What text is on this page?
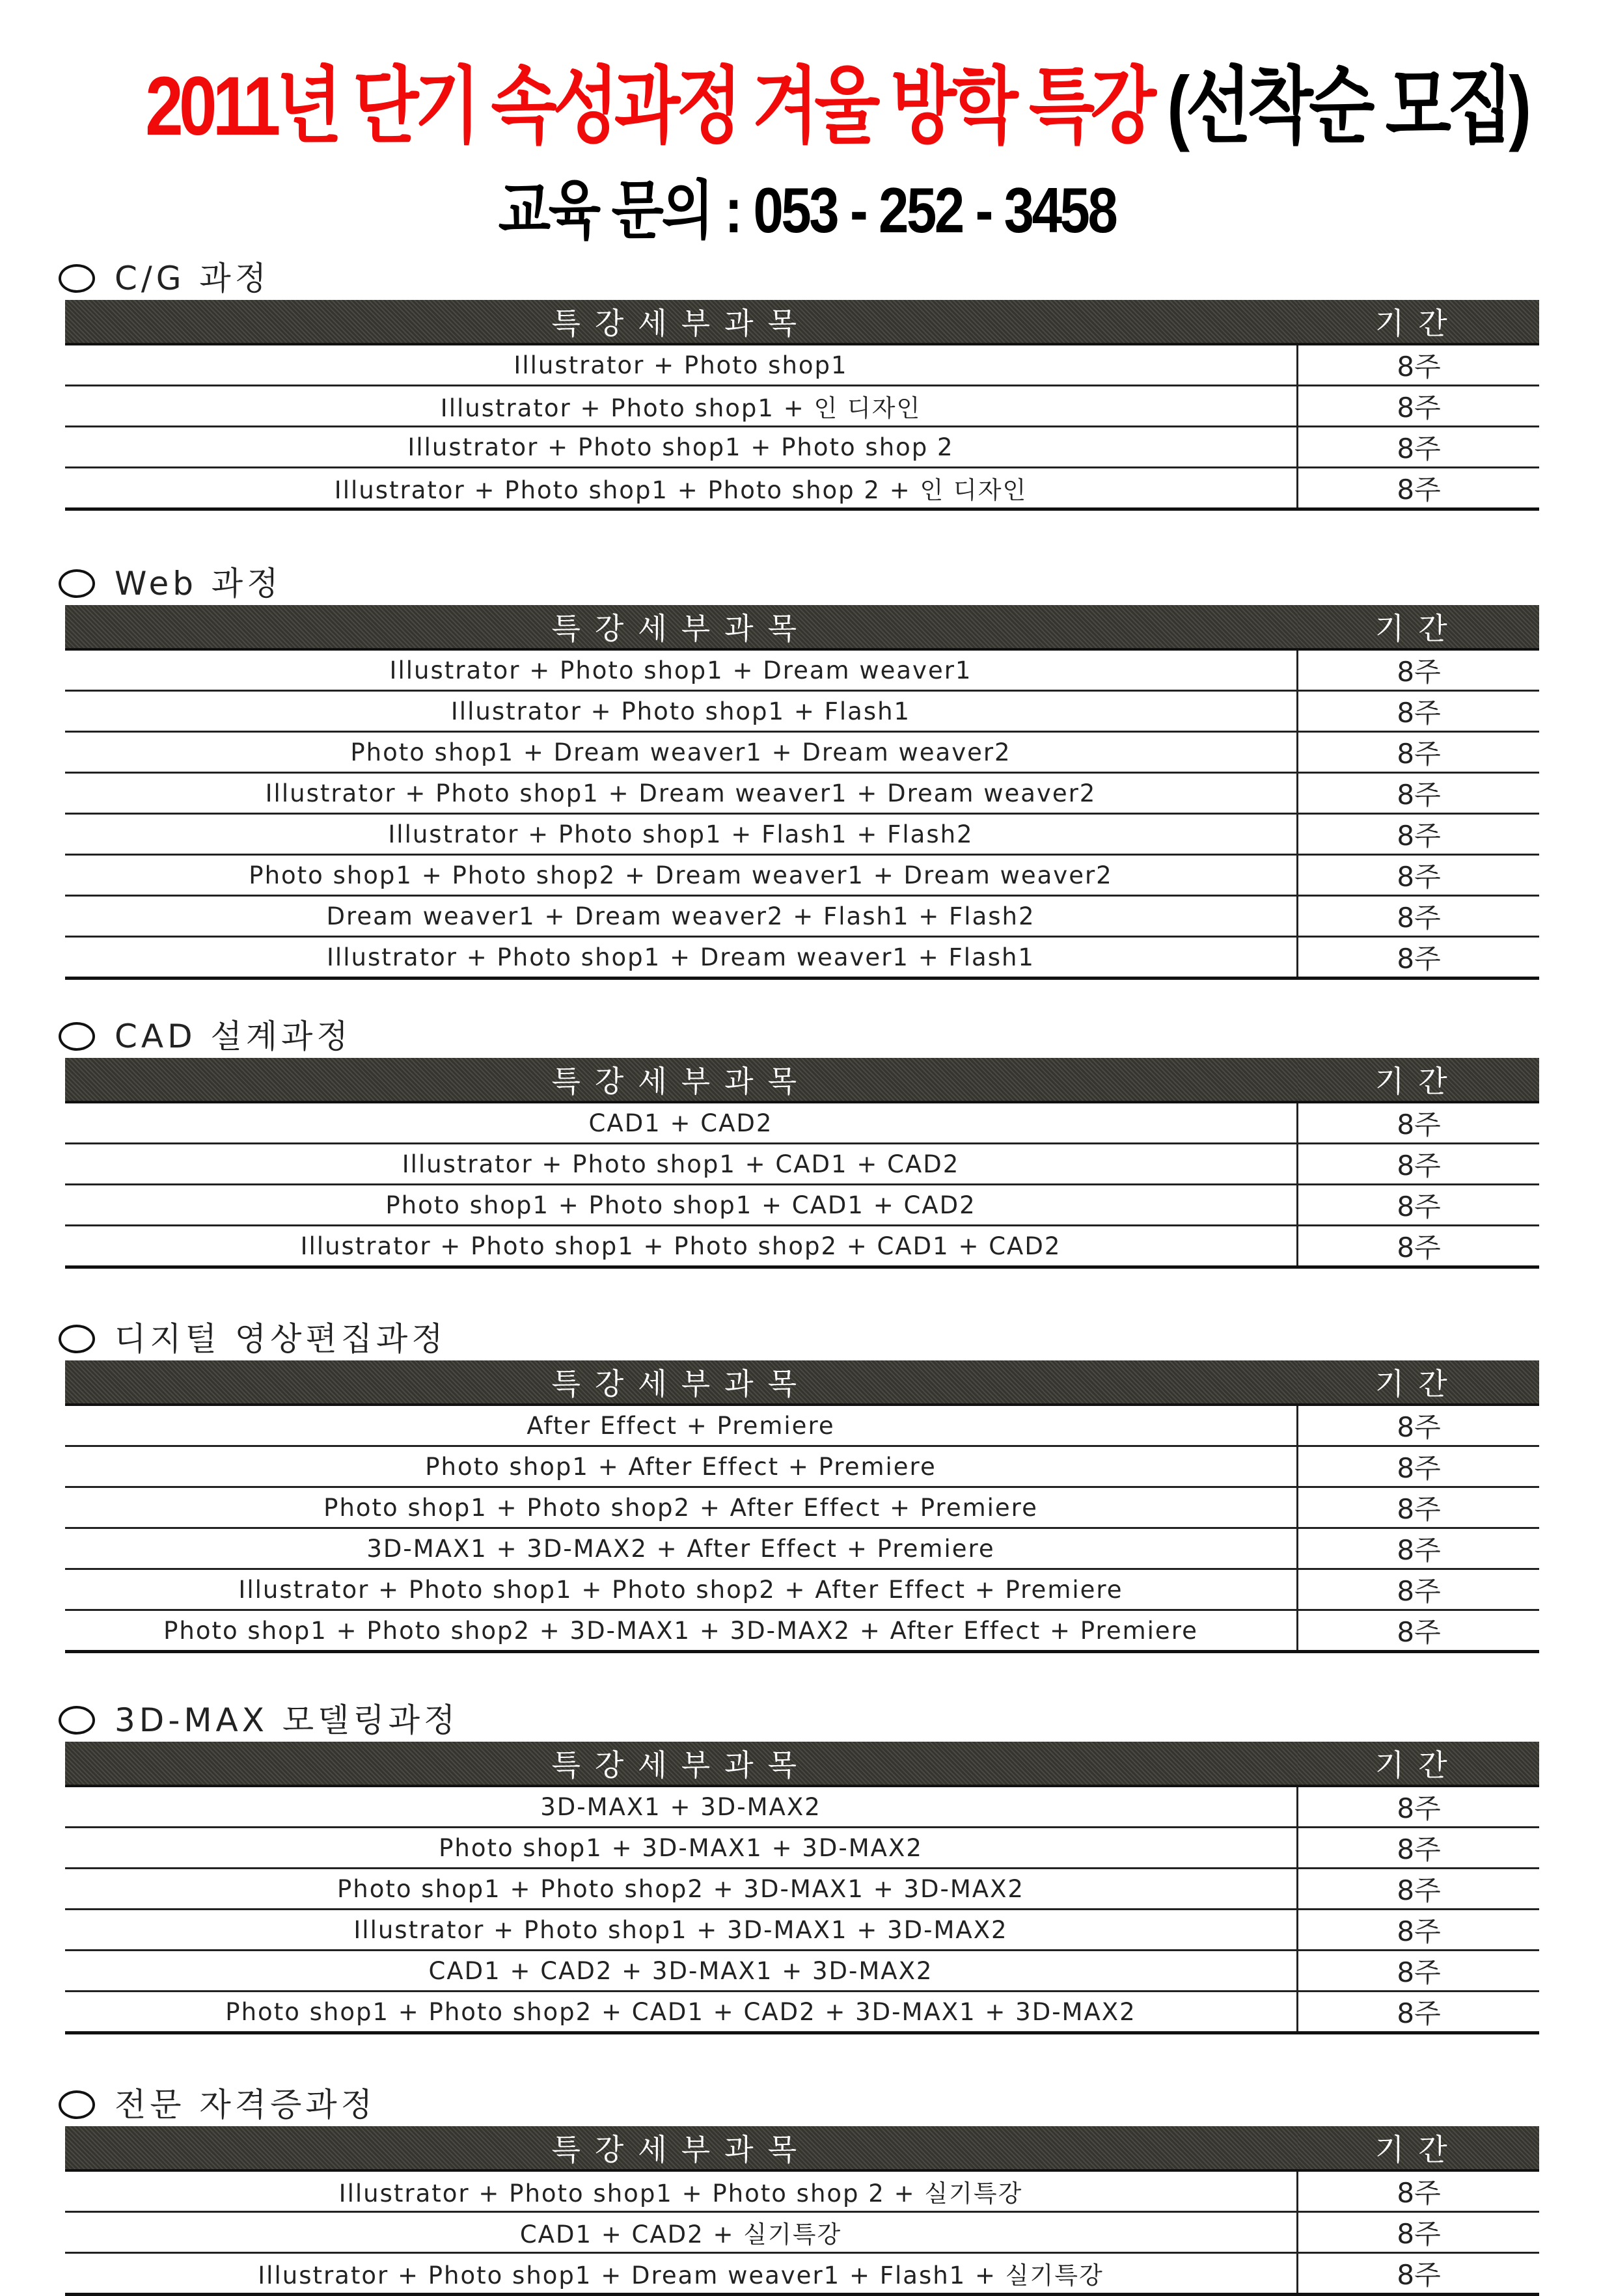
2011년 단기 속성과정 겨울 방학 특강 (선착순 모집)
교육 문의 : 053 - 252 - 3458
C/G 과정
특강세부과목	기간
Illustrator + Photo shop1	8주
Illustrator + Photo shop1 + 인 디자인	8주
Illustrator + Photo shop1 + Photo shop 2	8주
Illustrator + Photo shop1 + Photo shop 2 + 인 디자인	8주
Web 과정
특강세부과목	기간
Illustrator + Photo shop1 + Dream weaver1	8주
Illustrator + Photo shop1 + Flash1	8주
Photo shop1 + Dream weaver1 + Dream weaver2	8주
Illustrator + Photo shop1 + Dream weaver1 + Dream weaver2	8주
Illustrator + Photo shop1 + Flash1 + Flash2	8주
Photo shop1 + Photo shop2 + Dream weaver1 + Dream weaver2	8주
Dream weaver1 + Dream weaver2 + Flash1 + Flash2	8주
Illustrator + Photo shop1 + Dream weaver1 + Flash1	8주
CAD 설계과정
특강세부과목	기간
CAD1 + CAD2	8주
Illustrator + Photo shop1 + CAD1 + CAD2	8주
Photo shop1 + Photo shop1 + CAD1 + CAD2	8주
Illustrator + Photo shop1 + Photo shop2 + CAD1 + CAD2	8주
디지털 영상편집과정
특강세부과목	기간
After Effect + Premiere	8주
Photo shop1 + After Effect + Premiere	8주
Photo shop1 + Photo shop2 + After Effect + Premiere	8주
3D-MAX1 + 3D-MAX2 + After Effect + Premiere	8주
Illustrator + Photo shop1 + Photo shop2 + After Effect + Premiere	8주
Photo shop1 + Photo shop2 + 3D-MAX1 + 3D-MAX2 + After Effect + Premiere	8주
3D-MAX 모델링과정
특강세부과목	기간
3D-MAX1 + 3D-MAX2	8주
Photo shop1 + 3D-MAX1 + 3D-MAX2	8주
Photo shop1 + Photo shop2 + 3D-MAX1 + 3D-MAX2	8주
Illustrator + Photo shop1 + 3D-MAX1 + 3D-MAX2	8주
CAD1 + CAD2 + 3D-MAX1 + 3D-MAX2	8주
Photo shop1 + Photo shop2 + CAD1 + CAD2 + 3D-MAX1 + 3D-MAX2	8주
전문 자격증과정
특강세부과목	기간
Illustrator + Photo shop1 + Photo shop 2 + 실기특강	8주
CAD1 + CAD2 + 실기특강	8주
Illustrator + Photo shop1 + Dream weaver1 + Flash1 + 실기특강	8주
